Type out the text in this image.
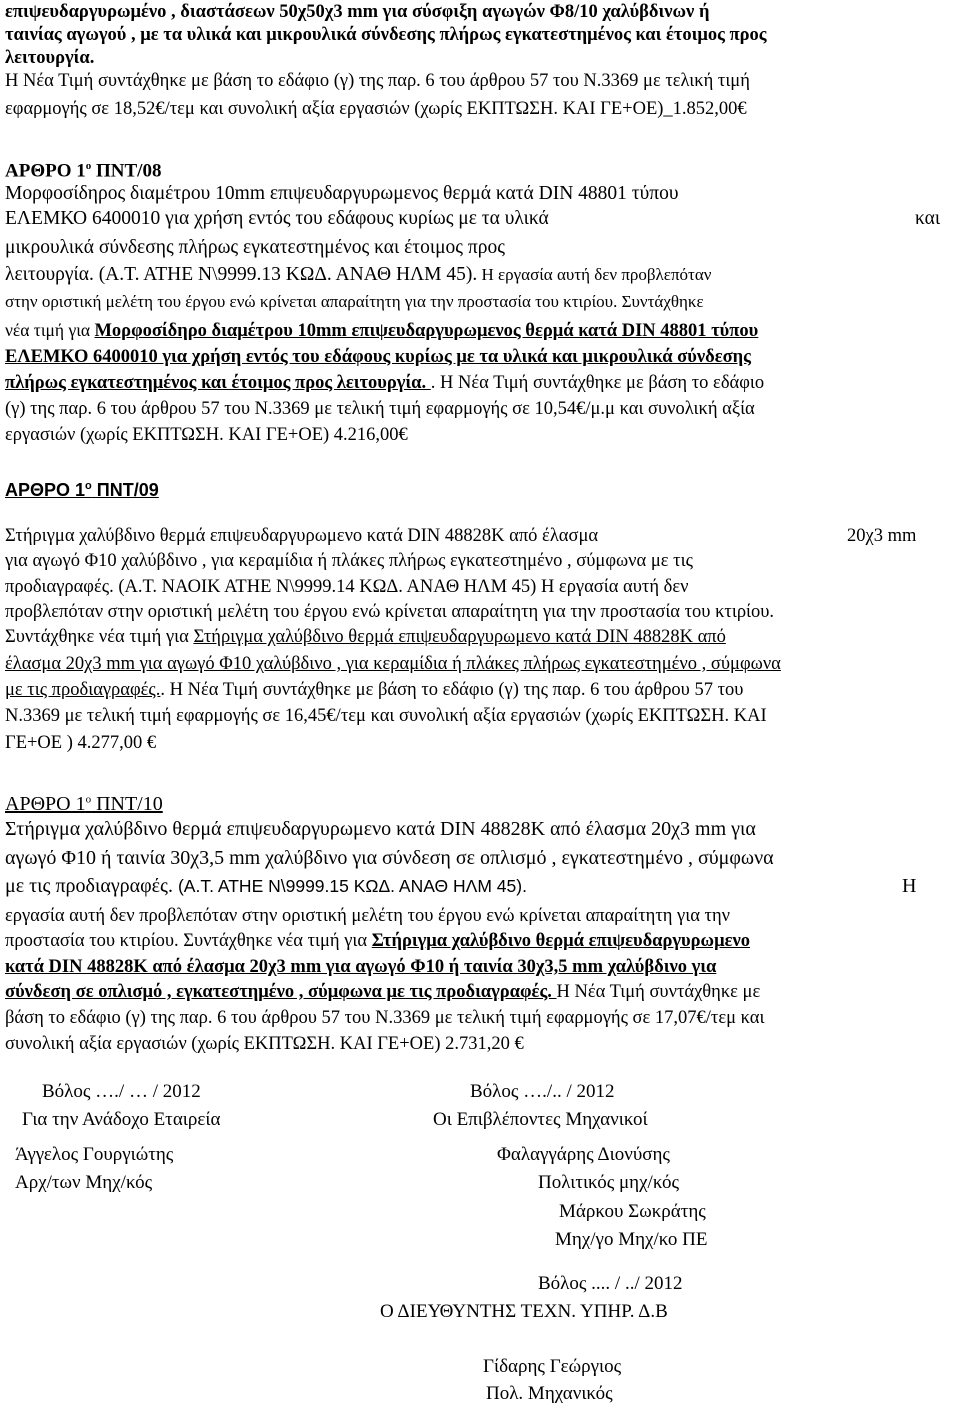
επιψευδαργυρωμένο , διαστάσεων 50χ50χ3 mm για σύσφιξη αγωγών Φ8/10 χαλύβδινων ή
ταινίας αγωγού , με τα υλικά και μικρουλικά σύνδεσης πλήρως εγκατεστημένος και έτοιμος προς
λειτουργία.
Η Νέα Τιμή συντάχθηκε με βάση το εδάφιο (γ) της παρ. 6 του άρθρου 57 του Ν.3369 με τελική τιμή
εφαρμογής σε 18,52€/τεμ και συνολική αξία εργασιών (χωρίς ΕΚΠΤΩΣΗ. ΚΑΙ ΓΕ+ΟΕ)_1.852,00€
ΑΡΘΡΟ $1^o$ ΠΝΤ/08
Μορφοσίδηρος διαμέτρου 10mm επιψευδαργυρωμενος θερμά κατά DIN 48801 τύπου
ΕΛΕΜΚΟ 6400010 για χρήση εντός του εδάφους κυρίως με τα υλικά	και
μικρουλικά σύνδεσης πλήρως εγκατεστημένος και έτοιμος προς
λειτουργία. (Α.Τ. ΑΤΗΕ Ν\9999.13 ΚΩΔ. ΑΝΑΘ ΗΛΜ 45). Η εργασία αυτή δεν προβλεπόταν
στην οριστική μελέτη του έργου ενώ κρίνεται απαραίτητη για την προστασία του κτιρίου. Συντάχθηκε
νέα τιμή για Μορφοσίδηρο διαμέτρου 10mm επιψευδαργυρωμενος θερμά κατά DIN 48801 τύπου
ΕΛΕΜΚΟ 6400010 για χρήση εντός του εδάφους κυρίως με τα υλικά και μικρουλικά σύνδεσης
πλήρως εγκατεστημένος και έτοιμος προς λειτουργία. . Η Νέα Τιμή συντάχθηκε με βάση το εδάφιο
(γ) της παρ. 6 του άρθρου 57 του Ν.3369 με τελική τιμή εφαρμογής σε 10,54€/μ.μ και συνολική αξία
εργασιών (χωρίς ΕΚΠΤΩΣΗ. ΚΑΙ ΓΕ+ΟΕ) 4.216,00€
ΑΡΘΡΟ $1^o$ ΠΝΤ/09
Στήριγμα χαλύβδινο θερμά επιψευδαργυρωμενο κατά DIN 48828K από έλασμα	20χ3 mm
για αγωγό Φ10 χαλύβδινο , για κεραμίδια ή πλάκες πλήρως εγκατεστημένο , σύμφωνα με τις
προδιαγραφές. (Α.Τ. ΝΑΟΙΚ ΑΤΗΕ Ν\9999.14 ΚΩΔ. ΑΝΑΘ ΗΛΜ 45) Η εργασία αυτή δεν
προβλεπόταν στην οριστική μελέτη του έργου ενώ κρίνεται απαραίτητη για την προστασία του κτιρίου.
Συντάχθηκε νέα τιμή για Στήριγμα χαλύβδινο θερμά επιψευδαργυρωμενο κατά DIN 48828K από
έλασμα 20χ3 mm για αγωγό Φ10 χαλύβδινο , για κεραμίδια ή πλάκες πλήρως εγκατεστημένο , σύμφωνα
με τις προδιαγραφές.. Η Νέα Τιμή συντάχθηκε με βάση το εδάφιο (γ) της παρ. 6 του άρθρου 57 του
Ν.3369 με τελική τιμή εφαρμογής σε 16,45€/τεμ και συνολική αξία εργασιών (χωρίς ΕΚΠΤΩΣΗ. ΚΑΙ
ΓΕ+ΟΕ ) 4.277,00 €
ΑΡΘΡΟ $1^o$ ΠΝΤ/10
Στήριγμα χαλύβδινο θερμά επιψευδαργυρωμενο κατά DIN 48828K από έλασμα 20χ3 mm για
αγωγό Φ10 ή ταινία 30χ3,5 mm χαλύβδινο για σύνδεση σε οπλισμό , εγκατεστημένο , σύμφωνα
με τις προδιαγραφές. (Α.Τ. ΑΤΗΕ Ν\9999.15 ΚΩΔ. ΑΝΑΘ ΗΛΜ 45).	Η
εργασία αυτή δεν προβλεπόταν στην οριστική μελέτη του έργου ενώ κρίνεται απαραίτητη για την
προστασία του κτιρίου. Συντάχθηκε νέα τιμή για Στήριγμα χαλύβδινο θερμά επιψευδαργυρωμενο
κατά DIN 48828K από έλασμα 20χ3 mm για αγωγό Φ10 ή ταινία 30χ3,5 mm χαλύβδινο για
σύνδεση σε οπλισμό , εγκατεστημένο , σύμφωνα με τις προδιαγραφές. Η Νέα Τιμή συντάχθηκε με
βάση το εδάφιο (γ) της παρ. 6 του άρθρου 57 του Ν.3369 με τελική τιμή εφαρμογής σε 17,07€/τεμ και
συνολική αξία εργασιών (χωρίς ΕΚΠΤΩΣΗ. ΚΑΙ ΓΕ+ΟΕ) 2.731,20 €
Βόλος …./ … / 2012
Για την Ανάδοχο Εταιρεία
Άγγελος Γουργιώτης
Αρχ/των Μηχ/κός
Βόλος …./.. / 2012
Οι Επιβλέποντες Μηχανικοί
Φαλαγγάρης Διονύσης
Πολιτικός μηχ/κός
Μάρκου Σωκράτης
Μηχ/γο Μηχ/κο ΠΕ
Βόλος .... / ../ 2012
Ο ΔΙΕΥΘΥΝΤΗΣ ΤΕΧΝ. ΥΠΗΡ. Δ.Β
Γίδαρης Γεώργιος
Πολ. Μηχανικός
